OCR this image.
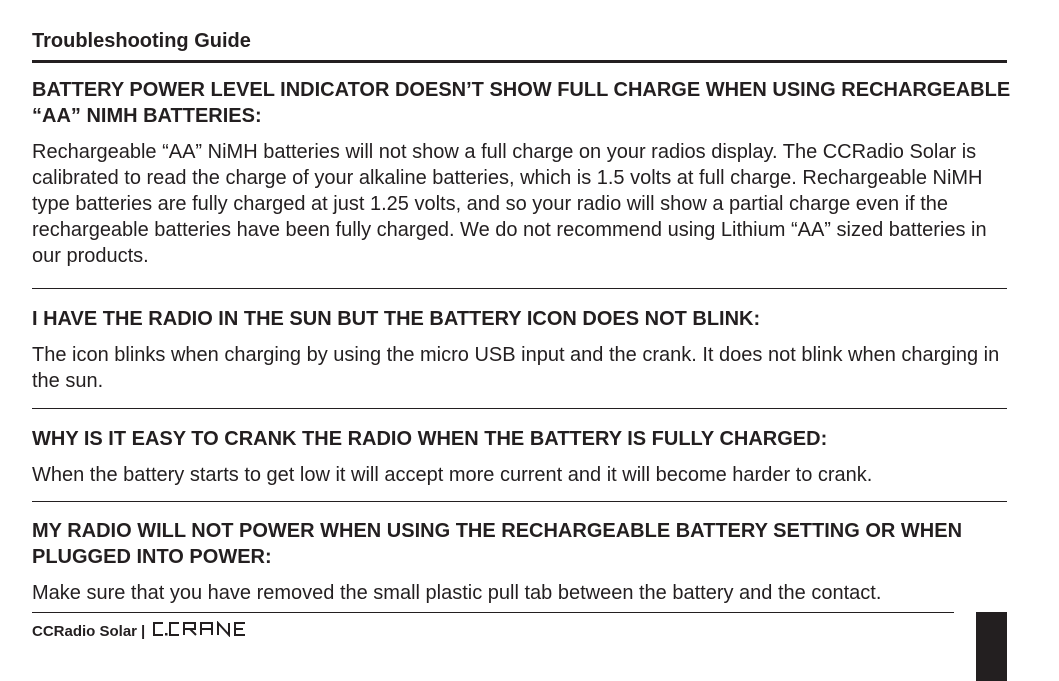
Troubleshooting Guide
BATTERY POWER LEVEL INDICATOR DOESN’T SHOW FULL CHARGE WHEN USING RECHARGEABLE “AA” NIMH BATTERIES:

Rechargeable “AA” NiMH batteries will not show a full charge on your radios display. The CCRadio Solar is calibrated to read the charge of your alkaline batteries, which is 1.5 volts at full charge. Rechargeable NiMH type batteries are fully charged at just 1.25 volts, and so your radio will show a partial charge even if the rechargeable batteries have been fully charged. We do not recommend using Lithium “AA” sized batteries in our products.

I HAVE THE RADIO IN THE SUN BUT THE BATTERY ICON DOES NOT BLINK:

The icon blinks when charging by using the micro USB input and the crank. It does not blink when charging in the sun.

WHY IS IT EASY TO CRANK THE RADIO WHEN THE BATTERY IS FULLY CHARGED:

When the battery starts to get low it will accept more current and it will become harder to crank.

MY RADIO WILL NOT POWER WHEN USING THE RECHARGEABLE BATTERY SETTING OR WHEN PLUGGED INTO POWER:

Make sure that you have removed the small plastic pull tab between the battery and the contact.

CCRadio Solar |
